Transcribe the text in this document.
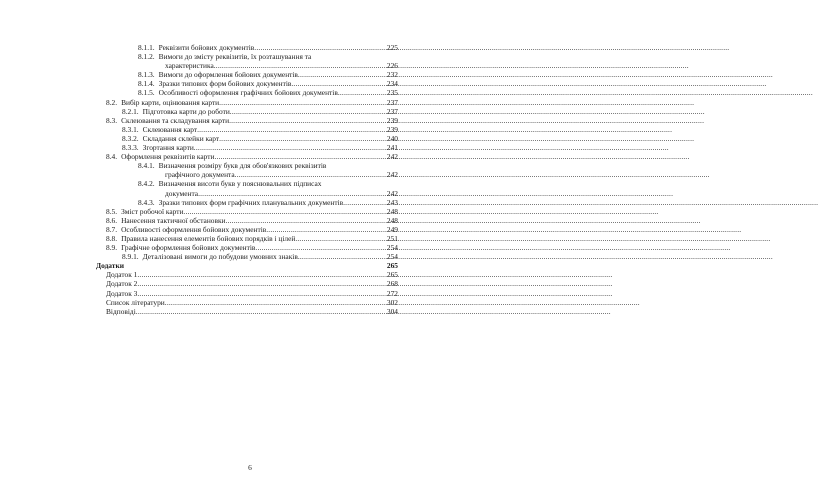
8.1.1. Реквізити бойових документів .....	225
8.1.2. Вимоги до змісту реквізитів, їх розташування та
характеристика .....	226
8.1.3. Вимоги до оформлення бойових документів .....	232
8.1.4. Зразки типових форм бойових документів .....	234
8.1.5. Особливості оформлення графічних бойових документів .....	235
8.2. Вибір карти, оцінювання карти .....	237
8.2.1. Підготовка карти до роботи .....	237
8.3. Склеювання та складування карти .....	239
8.3.1. Склеювання карт .....	239
8.3.2. Складання склейки карт .....	240
8.3.3. Згортання карти .....	241
8.4. Оформлення реквізитів карти .....	242
8.4.1. Визначення розміру букв для обов'язкових реквізитів
графічного документа .....	242
8.4.2. Визначення висоти букв у пояснювальних підписах
документа .....	242
8.4.3. Зразки типових форм графічних планувальних документів .....	243
8.5. Зміст робочої карти .....	248
8.6. Нанесення тактичної обстановки .....	248
8.7. Особливості оформлення бойових документів .....	249
8.8. Правила нанесення елементів бойових порядків і цілей .....	251
8.9. Графічне оформлення бойових документів .....	254
8.9.1. Деталізовані вимоги до побудови умовних знаків .....	254
Додатки	265
Додаток 1 .....	265
Додаток 2 .....	268
Додаток 3 .....	272
Список літератури .....	302
Відповіді .....	304
6
